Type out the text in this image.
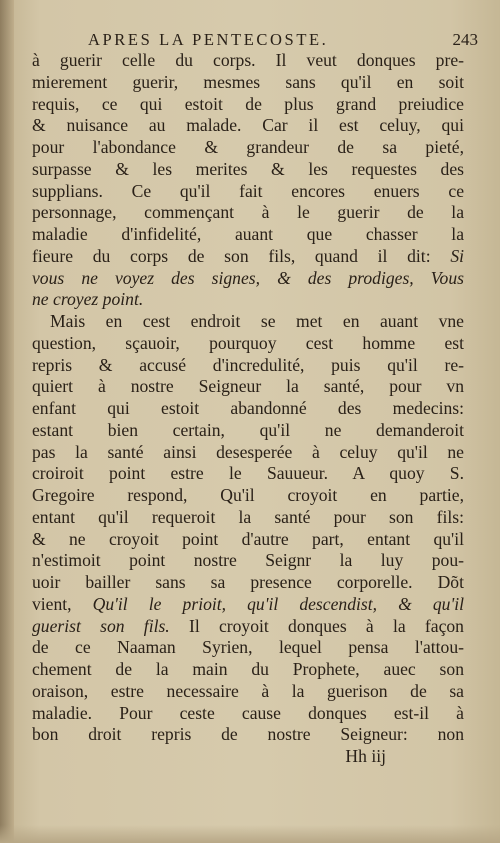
APRES LA PENTECOSTE.	243
à guerir celle du corps. Il veut donques pre-
mierement guerir, mesmes sans qu'il en soit
requis, ce qui estoit de plus grand preiudice
& nuisance au malade. Car il est celuy, qui
pour l'abondance & grandeur de sa pieté,
surpasse & les merites & les requestes des
supplians. Ce qu'il fait encores enuers ce
personnage, commençant à le guerir de la
maladie d'infidelité, auant que chasser la
fieure du corps de son fils, quand il dit: Si
vous ne voyez des signes, & des prodiges, Vous
ne croyez point.
Mais en cest endroit se met en auant vne
question, sçauoir, pourquoy cest homme est
repris & accusé d'incredulité, puis qu'il re-
quiert à nostre Seigneur la santé, pour vn
enfant qui estoit abandonné des medecins:
estant bien certain, qu'il ne demanderoit
pas la santé ainsi desesperée à celuy qu'il ne
croiroit point estre le Sauueur. A quoy S.
Gregoire respond, Qu'il croyoit en partie,
entant qu'il requeroit la santé pour son fils:
& ne croyoit point d'autre part, entant qu'il
n'estimoit point nostre Seignr la luy pou-
uoir bailler sans sa presence corporelle. Dõt
vient, Qu'il le prioit, qu'il descendist, & qu'il
guerist son fils. Il croyoit donques à la façon
de ce Naaman Syrien, lequel pensa l'attou-
chement de la main du Prophete, auec son
oraison, estre necessaire à la guerison de sa
maladie. Pour ceste cause donques est-il à
bon droit repris de nostre Seigneur: non
Hh iij
